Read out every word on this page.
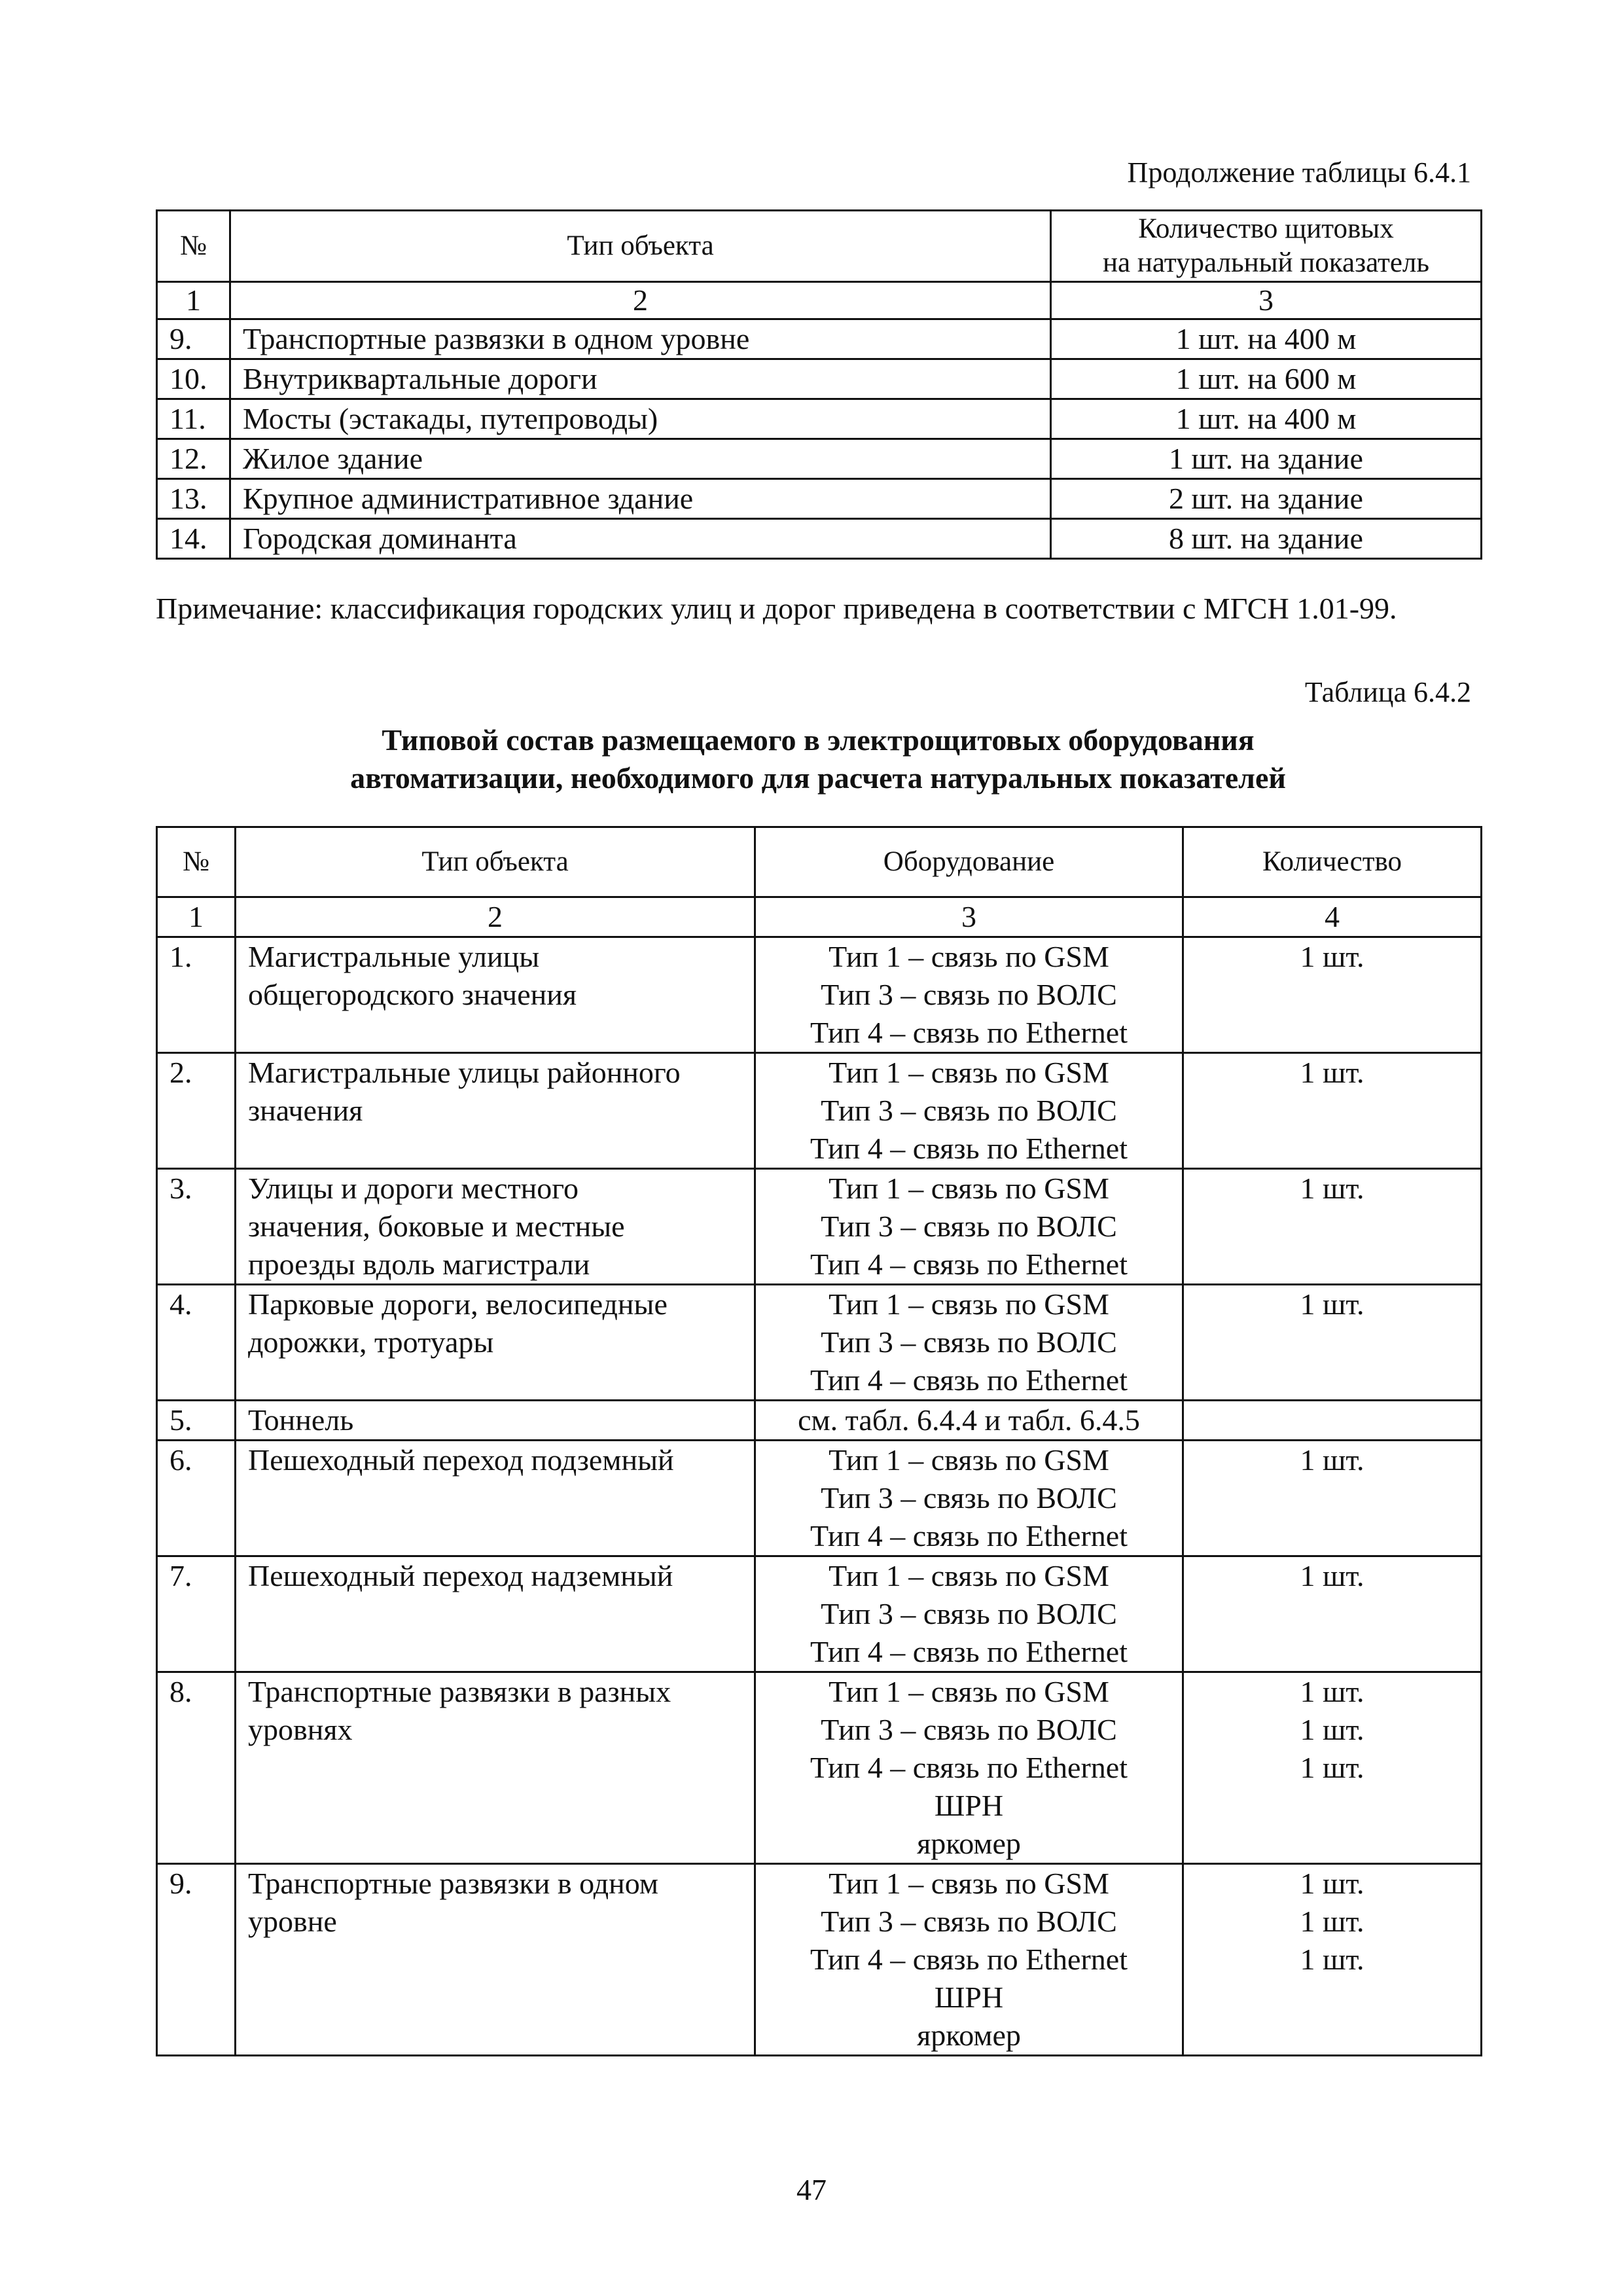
Продолжение таблицы 6.4.1
№	Тип объекта	Количество щитовых
на натуральный показатель
1	2	3
9.	Транспортные развязки в одном уровне	1 шт. на 400 м
10.	Внутриквартальные дороги	1 шт. на 600 м
11.	Мосты (эстакады, путепроводы)	1 шт. на 400 м
12.	Жилое здание	1 шт. на здание
13.	Крупное административное здание	2 шт. на здание
14.	Городская доминанта	8 шт. на здание
Примечание: классификация городских улиц и дорог приведена в соответствии с МГСН 1.01-99.
Таблица 6.4.2
Типовой состав размещаемого в электрощитовых оборудования
автоматизации, необходимого для расчета натуральных показателей
№	Тип объекта	Оборудование	Количество
1	2	3	4
1.	Магистральные улицы
общегородского значения	Тип 1 – связь по GSM
Тип 3 – связь по ВОЛС
Тип 4 – связь по Ethernet	1 шт.
2.	Магистральные улицы районного
значения	Тип 1 – связь по GSM
Тип 3 – связь по ВОЛС
Тип 4 – связь по Ethernet	1 шт.
3.	Улицы и дороги местного
значения, боковые и местные
проезды вдоль магистрали	Тип 1 – связь по GSM
Тип 3 – связь по ВОЛС
Тип 4 – связь по Ethernet	1 шт.
4.	Парковые дороги, велосипедные
дорожки, тротуары	Тип 1 – связь по GSM
Тип 3 – связь по ВОЛС
Тип 4 – связь по Ethernet	1 шт.
5.	Тоннель	см. табл. 6.4.4 и табл. 6.4.5	
6.	Пешеходный переход подземный	Тип 1 – связь по GSM
Тип 3 – связь по ВОЛС
Тип 4 – связь по Ethernet	1 шт.
7.	Пешеходный переход надземный	Тип 1 – связь по GSM
Тип 3 – связь по ВОЛС
Тип 4 – связь по Ethernet	1 шт.
8.	Транспортные развязки в разных
уровнях	Тип 1 – связь по GSM
Тип 3 – связь по ВОЛС
Тип 4 – связь по Ethernet
ШРН
яркомер	1 шт.
1 шт.
1 шт.
9.	Транспортные развязки в одном
уровне	Тип 1 – связь по GSM
Тип 3 – связь по ВОЛС
Тип 4 – связь по Ethernet
ШРН
яркомер	1 шт.
1 шт.
1 шт.
47
